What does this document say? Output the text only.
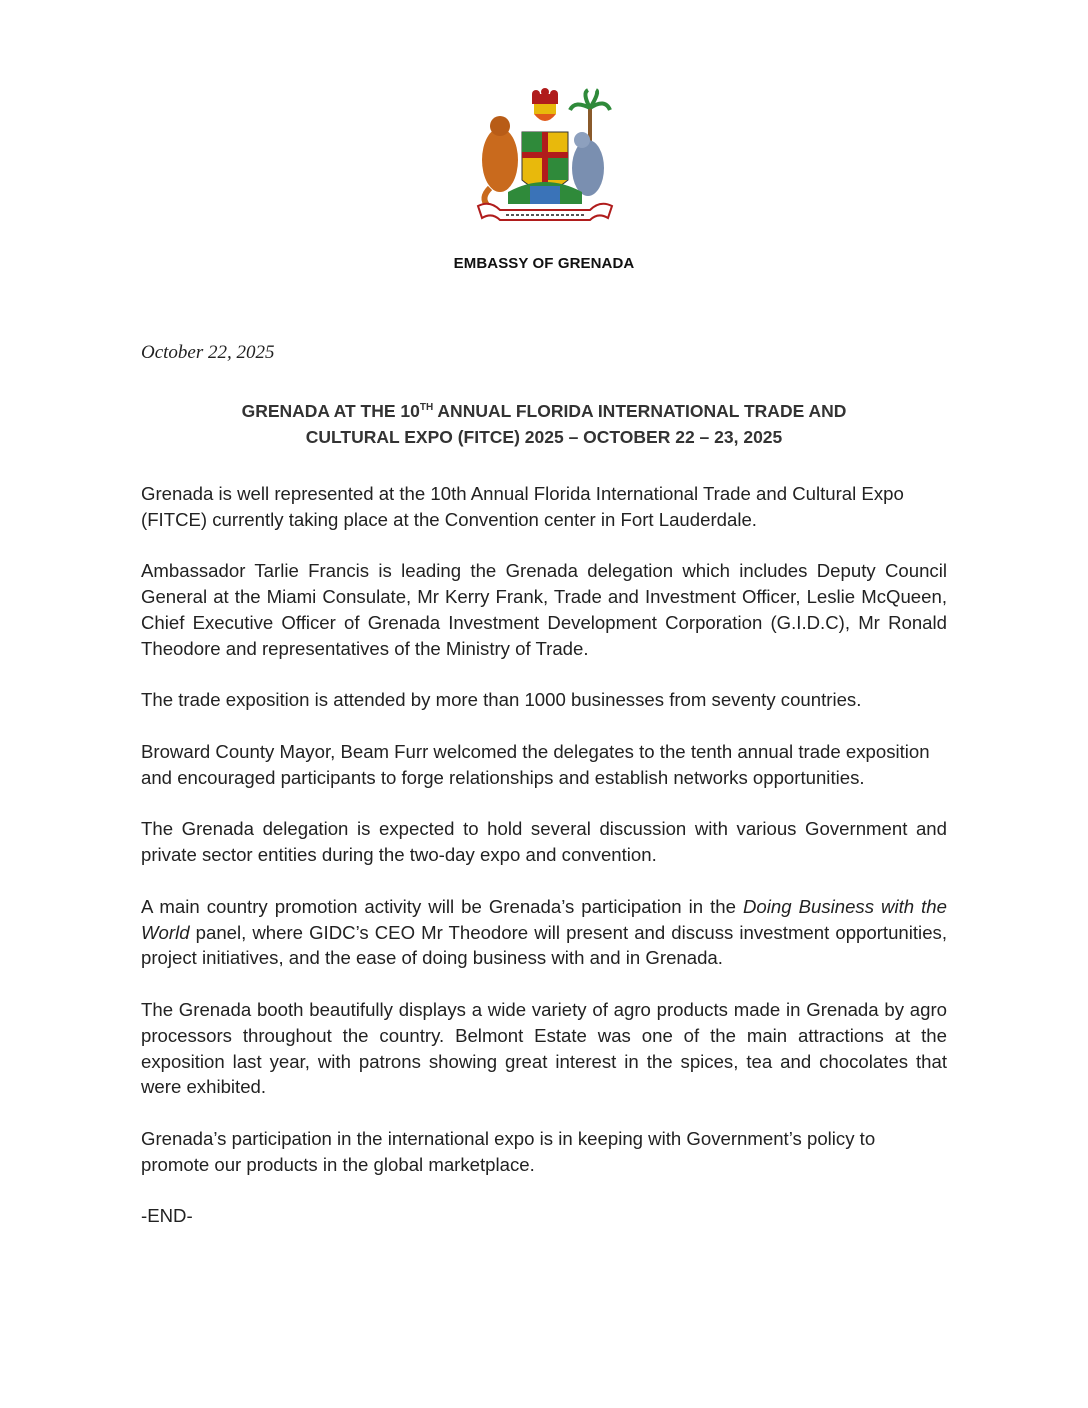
EMBASSY OF GRENADA
October 22, 2025
GRENADA AT THE 10TH ANNUAL FLORIDA INTERNATIONAL TRADE AND
CULTURAL EXPO (FITCE) 2025 – OCTOBER 22 – 23, 2025

Grenada is well represented at the 10th Annual Florida International Trade and Cultural Expo (FITCE) currently taking place at the Convention center in Fort Lauderdale.

Ambassador Tarlie Francis is leading the Grenada delegation which includes Deputy Council General at the Miami Consulate, Mr Kerry Frank, Trade and Investment Officer, Leslie McQueen, Chief Executive Officer of Grenada Investment Development Corporation (G.I.D.C), Mr Ronald Theodore and representatives of the Ministry of Trade.

The trade exposition is attended by more than 1000 businesses from seventy countries.

Broward County Mayor, Beam Furr welcomed the delegates to the tenth annual trade exposition and encouraged participants to forge relationships and establish networks opportunities.

The Grenada delegation is expected to hold several discussion with various Government and private sector entities during the two-day expo and convention.

A main country promotion activity will be Grenada’s participation in the Doing Business with the World panel, where GIDC’s CEO Mr Theodore will present and discuss investment opportunities, project initiatives, and the ease of doing business with and in Grenada.

The Grenada booth beautifully displays a wide variety of agro products made in Grenada by agro processors throughout the country. Belmont Estate was one of the main attractions at the exposition last year, with patrons showing great interest in the spices, tea and chocolates that were exhibited.

Grenada’s participation in the international expo is in keeping with Government’s policy to promote our products in the global marketplace.

-END-
